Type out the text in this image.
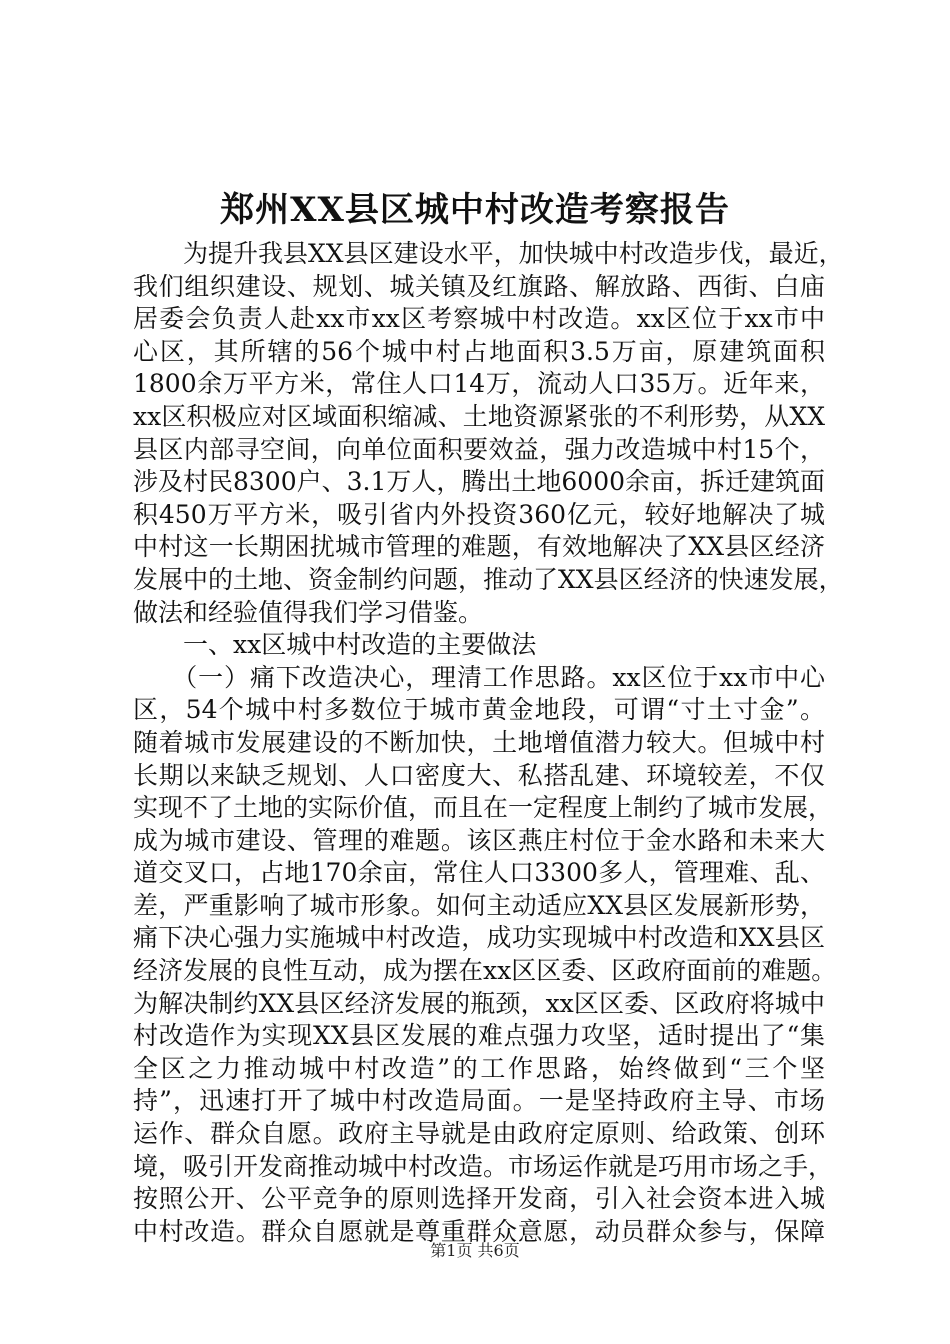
郑州XX县区城中村改造考察报告
　　为提升我县XX县区建设水平，加快城中村改造步伐，最近，
我们组织建设、规划、城关镇及红旗路、解放路、西街、白庙
居委会负责人赴xx市xx区考察城中村改造。xx区位于xx市中
心区，其所辖的56个城中村占地面积3.5万亩，原建筑面积
1800余万平方米，常住人口14万，流动人口35万。近年来，
xx区积极应对区域面积缩减、土地资源紧张的不利形势，从XX
县区内部寻空间，向单位面积要效益，强力改造城中村15个，
涉及村民8300户、3.1万人，腾出土地6000余亩，拆迁建筑面
积450万平方米，吸引省内外投资360亿元，较好地解决了城
中村这一长期困扰城市管理的难题，有效地解决了XX县区经济
发展中的土地、资金制约问题，推动了XX县区经济的快速发展，
做法和经验值得我们学习借鉴。
　　一、xx区城中村改造的主要做法
　　（一）痛下改造决心，理清工作思路。xx区位于xx市中心
区，54个城中村多数位于城市黄金地段，可谓“寸土寸金”。
随着城市发展建设的不断加快，土地增值潜力较大。但城中村
长期以来缺乏规划、人口密度大、私搭乱建、环境较差，不仅
实现不了土地的实际价值，而且在一定程度上制约了城市发展，
成为城市建设、管理的难题。该区燕庄村位于金水路和未来大
道交叉口，占地170余亩，常住人口3300多人，管理难、乱、
差，严重影响了城市形象。如何主动适应XX县区发展新形势，
痛下决心强力实施城中村改造，成功实现城中村改造和XX县区
经济发展的良性互动，成为摆在xx区区委、区政府面前的难题。
为解决制约XX县区经济发展的瓶颈，xx区区委、区政府将城中
村改造作为实现XX县区发展的难点强力攻坚，适时提出了“集
全区之力推动城中村改造”的工作思路，始终做到“三个坚
持”，迅速打开了城中村改造局面。一是坚持政府主导、市场
运作、群众自愿。政府主导就是由政府定原则、给政策、创环
境，吸引开发商推动城中村改造。市场运作就是巧用市场之手，
按照公开、公平竞争的原则选择开发商，引入社会资本进入城
中村改造。群众自愿就是尊重群众意愿，动员群众参与，保障
第1页 共6页
